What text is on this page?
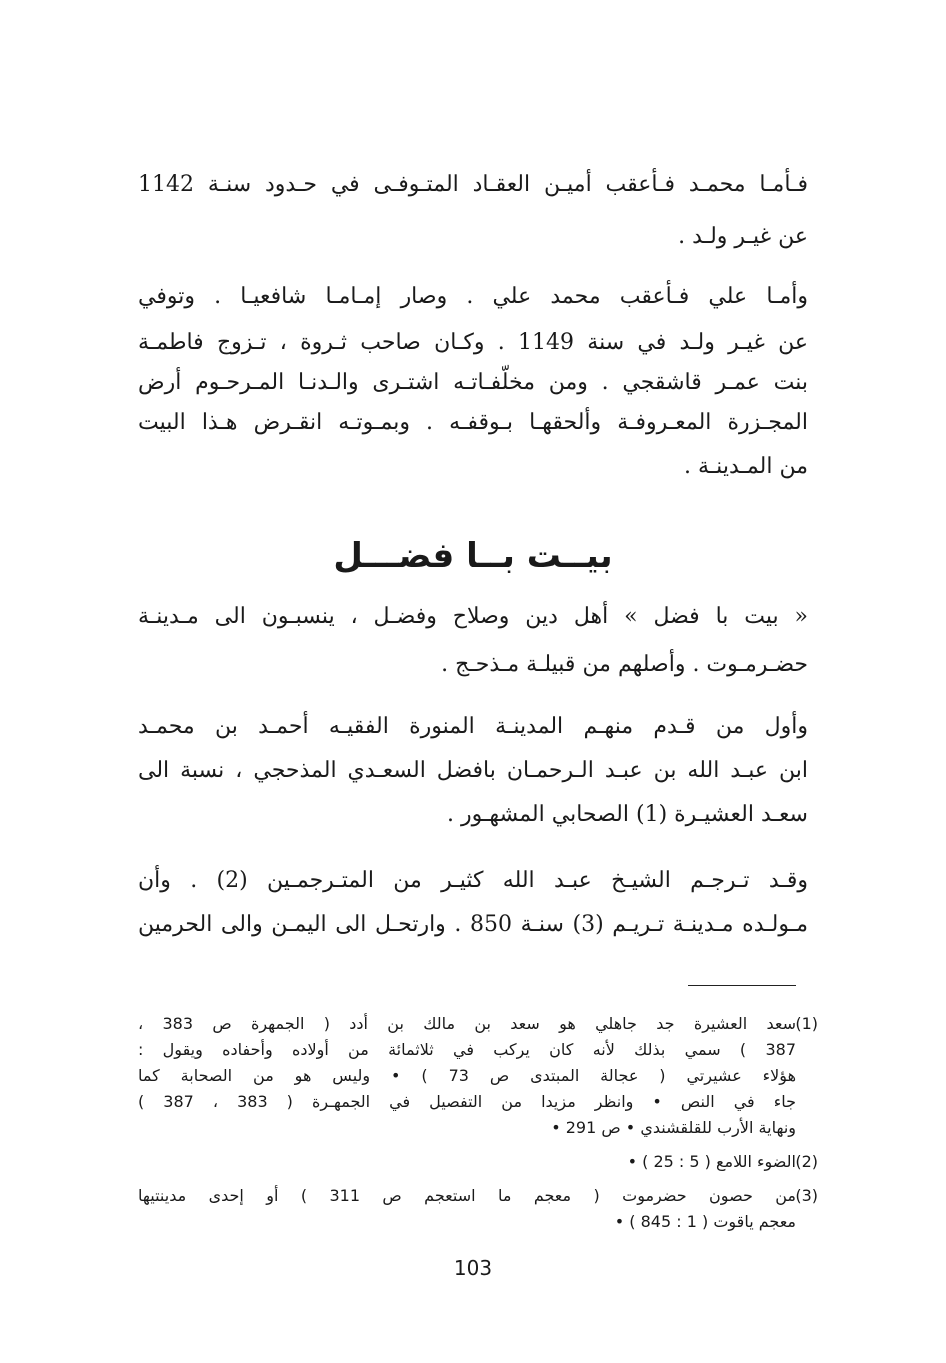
فـأمـا محمـد فـأعقب أميـن العقـاد المتـوفـى في حـدود سنـة 1142
عن غيـر ولـد .
وأمـا علي فـأعقب محمد علي . وصار إمـامـا شافعيـا . وتوفي
عن غيـر ولـد في سنة 1149 . وكـان صاحب ثـروة ، تـزوج فاطمـة
بنت عمـر قاشقجي . ومن مخلّفـاتـه اشتـرى والـدنـا المـرحـوم أرض
المجـزرة المعـروفـة وألحقهـا بـوقفـه . وبمـوتـه انقـرض هـذا البيت
من المـدينـة .
بيــت بــا فضـــل
« بيت با فضل » أهل دين وصلاح وفضـل ، ينسبـون الى مـدينـة
حضـرمـوت . وأصلهم من قبيلـة مـذحـج .
وأول من قـدم منهـم المدينـة المنورة الفقيـه أحمـد بن محمـد
ابن عبـد الله بن عبـد الـرحمـان بافضل السعـدي المذحجي ، نسبة الى
سعـد العشيـرة (1) الصحابي المشهـور .
وقـد تـرجـم الشيـخ عبـد الله كثيـر من المتـرجمـين (2) . وأن
مـولـده مـدينـة تـريـم (3) سنـة 850 . وارتحـل الى اليمـن والى الحرمين
(1)
سعد العشيرة جد جاهلي هو سعد بن مالك بن أدد ( الجمهرة ص 383 ،
387 ) سمي بذلك لأنه كان يركب في ثلاثمائة من أولاده وأحفاده ويقول :
هؤلاء عشيرتي ( عجالة المبتدى ص 73 ) • وليس هو من الصحابة كما
جاء في النص • وانظر مزيدا من التفصيل في الجمهـرة ( 383 ، 387 )
ونهاية الأرب للقلقشندي • ص 291 •
(2)
الضوء اللامع ( 5 : 25 ) •
(3)
من حصون حضرموت ( معجم ما استعجم ص 311 ) أو إحدى مدينتيها
معجم ياقوت ( 1 : 845 ) •
103
